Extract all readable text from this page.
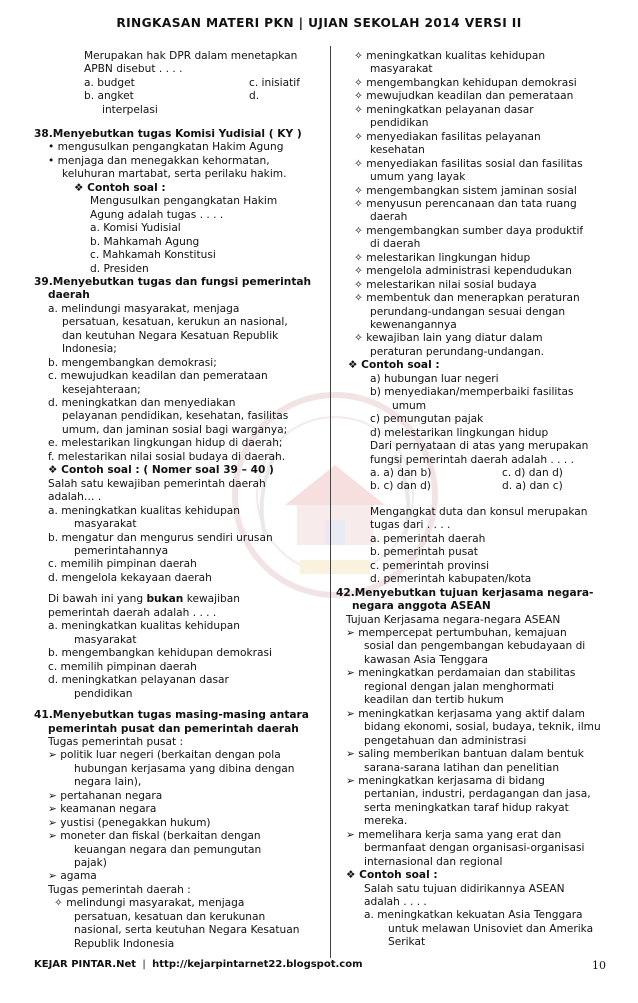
RINGKASAN MATERI PKN | UJIAN SEKOLAH 2014 VERSI II
Merupakan hak DPR dalam menetapkan
APBN disebut . . . .
a. budget	c. inisiatif
b. angket	d.
interpelasi
38.Menyebutkan tugas Komisi Yudisial ( KY )
• mengusulkan pengangkatan Hakim Agung
• menjaga dan menegakkan kehormatan,
keluhuran martabat, serta perilaku hakim.
❖ Contoh soal :
Mengusulkan pengangkatan Hakim
Agung adalah tugas . . . .
a. Komisi Yudisial
b. Mahkamah Agung
c. Mahkamah Konstitusi
d. Presiden
39.Menyebutkan tugas dan fungsi pemerintah
daerah
a. melindungi masyarakat, menjaga
persatuan, kesatuan, kerukun an nasional,
dan keutuhan Negara Kesatuan Republik
Indonesia;
b. mengembangkan demokrasi;
c. mewujudkan keadilan dan pemerataan
kesejahteraan;
d. meningkatkan dan menyediakan
pelayanan pendidikan, kesehatan, fasilitas
umum, dan jaminan sosial bagi warganya;
e. melestarikan lingkungan hidup di daerah;
f. melestarikan nilai sosial budaya di daerah.
❖ Contoh soal : ( Nomer soal 39 – 40 )
Salah satu kewajiban pemerintah daerah
adalah… .
a. meningkatkan kualitas kehidupan
masyarakat
b. mengatur dan mengurus sendiri urusan
pemerintahannya
c. memilih pimpinan daerah
d. mengelola kekayaan daerah
Di bawah ini yang bukan kewajiban
pemerintah daerah adalah . . . .
a. meningkatkan kualitas kehidupan
masyarakat
b. mengembangkan kehidupan demokrasi
c. memilih pimpinan daerah
d. meningkatkan pelayanan dasar
pendidikan
41.Menyebutkan tugas masing-masing antara
pemerintah pusat dan pemerintah daerah
Tugas pemerintah pusat :
➢ politik luar negeri (berkaitan dengan pola
hubungan kerjasama yang dibina dengan
negara lain),
➢ pertahanan negara
➢ keamanan negara
➢ yustisi (penegakkan hukum)
➢ moneter dan fiskal (berkaitan dengan
keuangan negara dan pemungutan
pajak)
➢ agama
Tugas pemerintah daerah :
✧ melindungi masyarakat, menjaga
persatuan, kesatuan dan kerukunan
nasional, serta keutuhan Negara Kesatuan
Republik Indonesia
✧ meningkatkan kualitas kehidupan
masyarakat
✧ mengembangkan kehidupan demokrasi
✧ mewujudkan keadilan dan pemerataan
✧ meningkatkan pelayanan dasar
pendidikan
✧ menyediakan fasilitas pelayanan
kesehatan
✧ menyediakan fasilitas sosial dan fasilitas
umum yang layak
✧ mengembangkan sistem jaminan sosial
✧ menyusun perencanaan dan tata ruang
daerah
✧ mengembangkan sumber daya produktif
di daerah
✧ melestarikan lingkungan hidup
✧ mengelola administrasi kependudukan
✧ melestarikan nilai sosial budaya
✧ membentuk dan menerapkan peraturan
perundang-undangan sesuai dengan
kewenangannya
✧ kewajiban lain yang diatur dalam
peraturan perundang-undangan.
❖ Contoh soal :
a) hubungan luar negeri
b) menyediakan/memperbaiki fasilitas
umum
c) pemungutan pajak
d) melestarikan lingkungan hidup
Dari pernyataan di atas yang merupakan
fungsi pemerintah daerah adalah . . . .
a. a) dan b)	c. d) dan d)
b. c) dan d)	d. a) dan c)
Mengangkat duta dan konsul merupakan
tugas dari . . . .
a. pemerintah daerah
b. pemerintah pusat
c. pemerintah provinsi
d. pemerintah kabupaten/kota
42.Menyebutkan tujuan kerjasama negara-
negara anggota ASEAN
Tujuan Kerjasama negara-negara ASEAN
➢ mempercepat pertumbuhan, kemajuan
sosial dan pengembangan kebudayaan di
kawasan Asia Tenggara
➢ meningkatkan perdamaian dan stabilitas
regional dengan jalan menghormati
keadilan dan tertib hukum
➢ meningkatkan kerjasama yang aktif dalam
bidang ekonomi, sosial, budaya, teknik, ilmu
pengetahuan dan administrasi
➢ saling memberikan bantuan dalam bentuk
sarana-sarana latihan dan penelitian
➢ meningkatkan kerjasama di bidang
pertanian, industri, perdagangan dan jasa,
serta meningkatkan taraf hidup rakyat
mereka.
➢ memelihara kerja sama yang erat dan
bermanfaat dengan organisasi-organisasi
internasional dan regional
❖ Contoh soal :
Salah satu tujuan didirikannya ASEAN
adalah . . . .
a. meningkatkan kekuatan Asia Tenggara
untuk melawan Unisoviet dan Amerika
Serikat
KEJAR PINTAR.Net  |  http://kejarpintarnet22.blogspot.com	10
